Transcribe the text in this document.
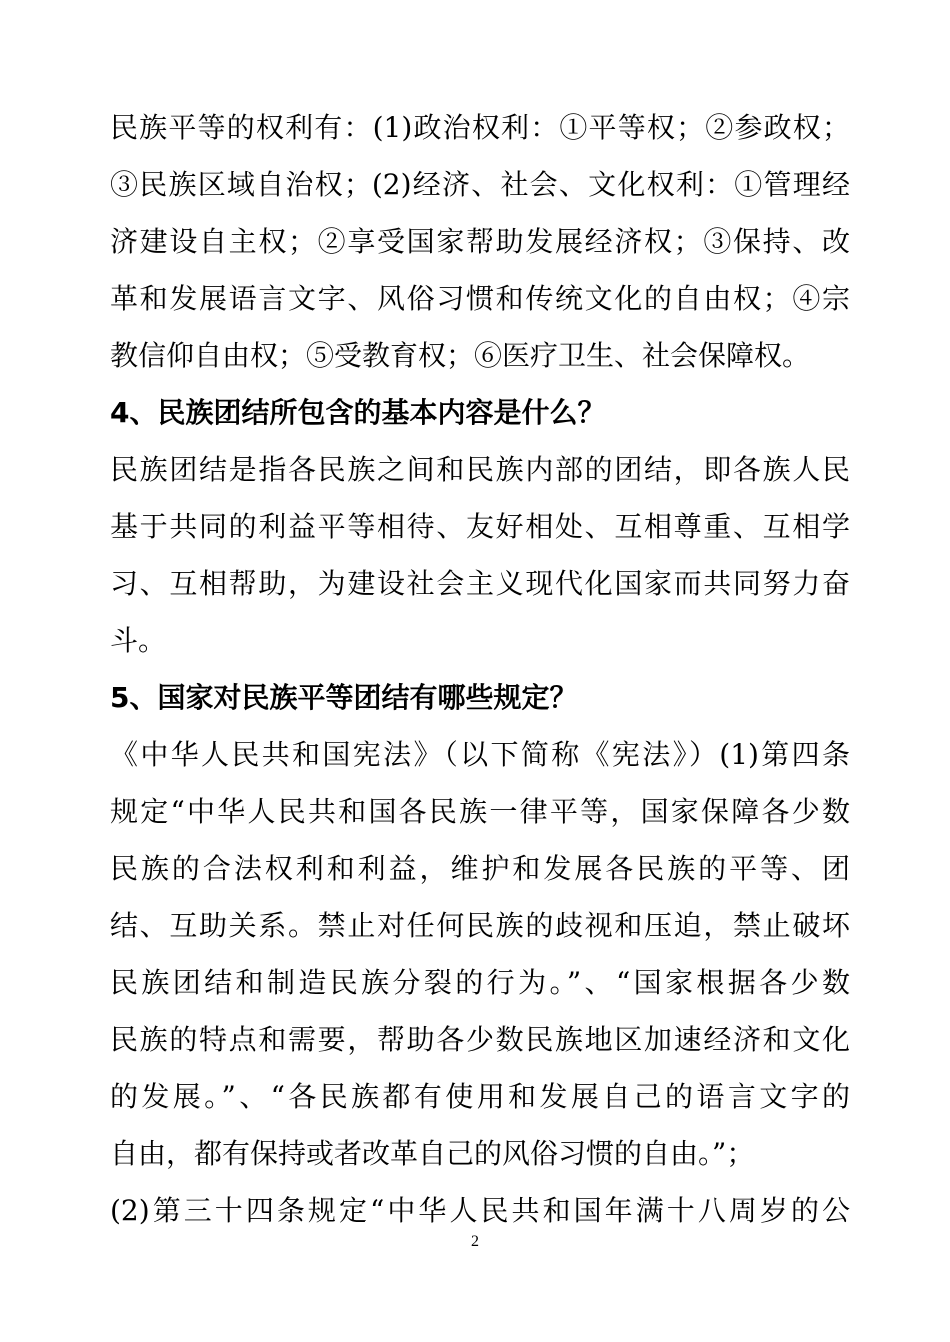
民族平等的权利有：(1)政治权利：①平等权；②参政权；
③民族区域自治权；(2)经济、社会、文化权利：①管理经
济建设自主权；②享受国家帮助发展经济权；③保持、改
革和发展语言文字、风俗习惯和传统文化的自由权；④宗
教信仰自由权；⑤受教育权；⑥医疗卫生、社会保障权。
4、民族团结所包含的基本内容是什么？
民族团结是指各民族之间和民族内部的团结，即各族人民
基于共同的利益平等相待、友好相处、互相尊重、互相学
习、互相帮助，为建设社会主义现代化国家而共同努力奋
斗。
5、国家对民族平等团结有哪些规定？
《中华人民共和国宪法》（以下简称《宪法》）(1)第四条
规定“中华人民共和国各民族一律平等，国家保障各少数
民族的合法权利和利益，维护和发展各民族的平等、团
结、互助关系。禁止对任何民族的歧视和压迫，禁止破坏
民族团结和制造民族分裂的行为。”、“国家根据各少数
民族的特点和需要，帮助各少数民族地区加速经济和文化
的发展。”、“各民族都有使用和发展自己的语言文字的
自由，都有保持或者改革自己的风俗习惯的自由。”；
(2)第三十四条规定“中华人民共和国年满十八周岁的公
2
